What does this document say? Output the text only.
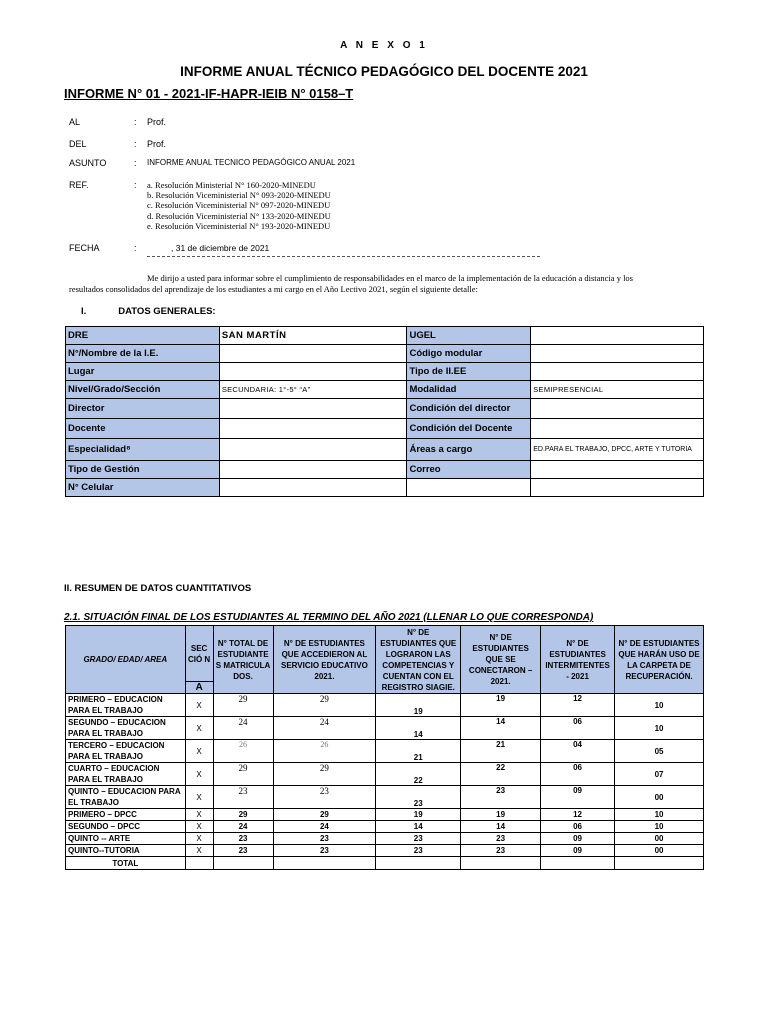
A N E X O 1
INFORME ANUAL TÉCNICO PEDAGÓGICO DEL DOCENTE 2021
INFORME N° 01 - 2021-IF-HAPR-IEIB N° 0158–T
AL	: Prof.
DEL	: Prof.
ASUNTO	: INFORME ANUAL TECNICO PEDAGÓGICO ANUAL 2021
REF.	: a. Resolución Ministerial N° 160-2020-MINEDU
b. Resolución Viceministerial N° 093-2020-MINEDU
c. Resolución Viceministerial N° 097-2020-MINEDU
d. Resolución Viceministerial N° 133-2020-MINEDU
e. Resolución Viceministerial N° 193-2020-MINEDU
FECHA	:	, 31 de diciembre de 2021
Me dirijo a usted para informar sobre el cumplimiento de responsabilidades en el marco de la implementación de la educación a distancia y los resultados consolidados del aprendizaje de los estudiantes a mi cargo en el Año Lectivo 2021, según el siguiente detalle:
I.	DATOS GENERALES:
DRE	SAN MARTÍN	UGEL	
N°/Nombre de la I.E.		Código modular	
Lugar		Tipo de II.EE	
Nivel/Grado/Sección	SECUNDARIA: 1°-5° “A”	Modalidad	SEMIPRESENCIAL
Director		Condición del director	
Docente		Condición del Docente	
Especialidad⁸		Áreas a cargo	ED.PARA EL TRABAJO, DPCC, ARTE Y TUTORIA
Tipo de Gestión		Correo	
N° Celular			
II. RESUMEN DE DATOS CUANTITATIVOS
2.1. SITUACIÓN FINAL DE LOS ESTUDIANTES AL TERMINO DEL AÑO 2021 (LLENAR LO QUE CORRESPONDA)
GRADO/ EDAD/ AREA	SEC CIÓ N	N° TOTAL DE ESTUDIANTE S MATRICULA DOS.	N° DE ESTUDIANTES QUE ACCEDIERON AL SERVICIO EDUCATIVO 2021.	N° DE ESTUDIANTES QUE LOGRARON LAS COMPETENCIAS Y CUENTAN CON EL REGISTRO SIAGIE.	N° DE ESTUDIANTES QUE SE CONECTARON – 2021.	N° DE ESTUDIANTES INTERMITENTES - 2021	N° DE ESTUDIANTES QUE HARÁN USO DE LA CARPETA DE RECUPERACIÓN.
	A						
PRIMERO – EDUCACION PARA EL TRABAJO	X	29	29	19	19	12	10
SEGUNDO – EDUCACION PARA EL TRABAJO	X	24	24	14	14	06	10
TERCERO – EDUCACION PARA EL TRABAJO	X	26	26	21	21	04	05
CUARTO – EDUCACION PARA EL TRABAJO	X	29	29	22	22	06	07
QUINTO – EDUCACION PARA EL TRABAJO	X	23	23	23	23	09	00
PRIMERO – DPCC	X	29	29	19	19	12	10
SEGUNDO – DPCC	X	24	24	14	14	06	10
QUINTO -- ARTE	X	23	23	23	23	09	00
QUINTO--TUTORIA	X	23	23	23	23	09	00
TOTAL							
